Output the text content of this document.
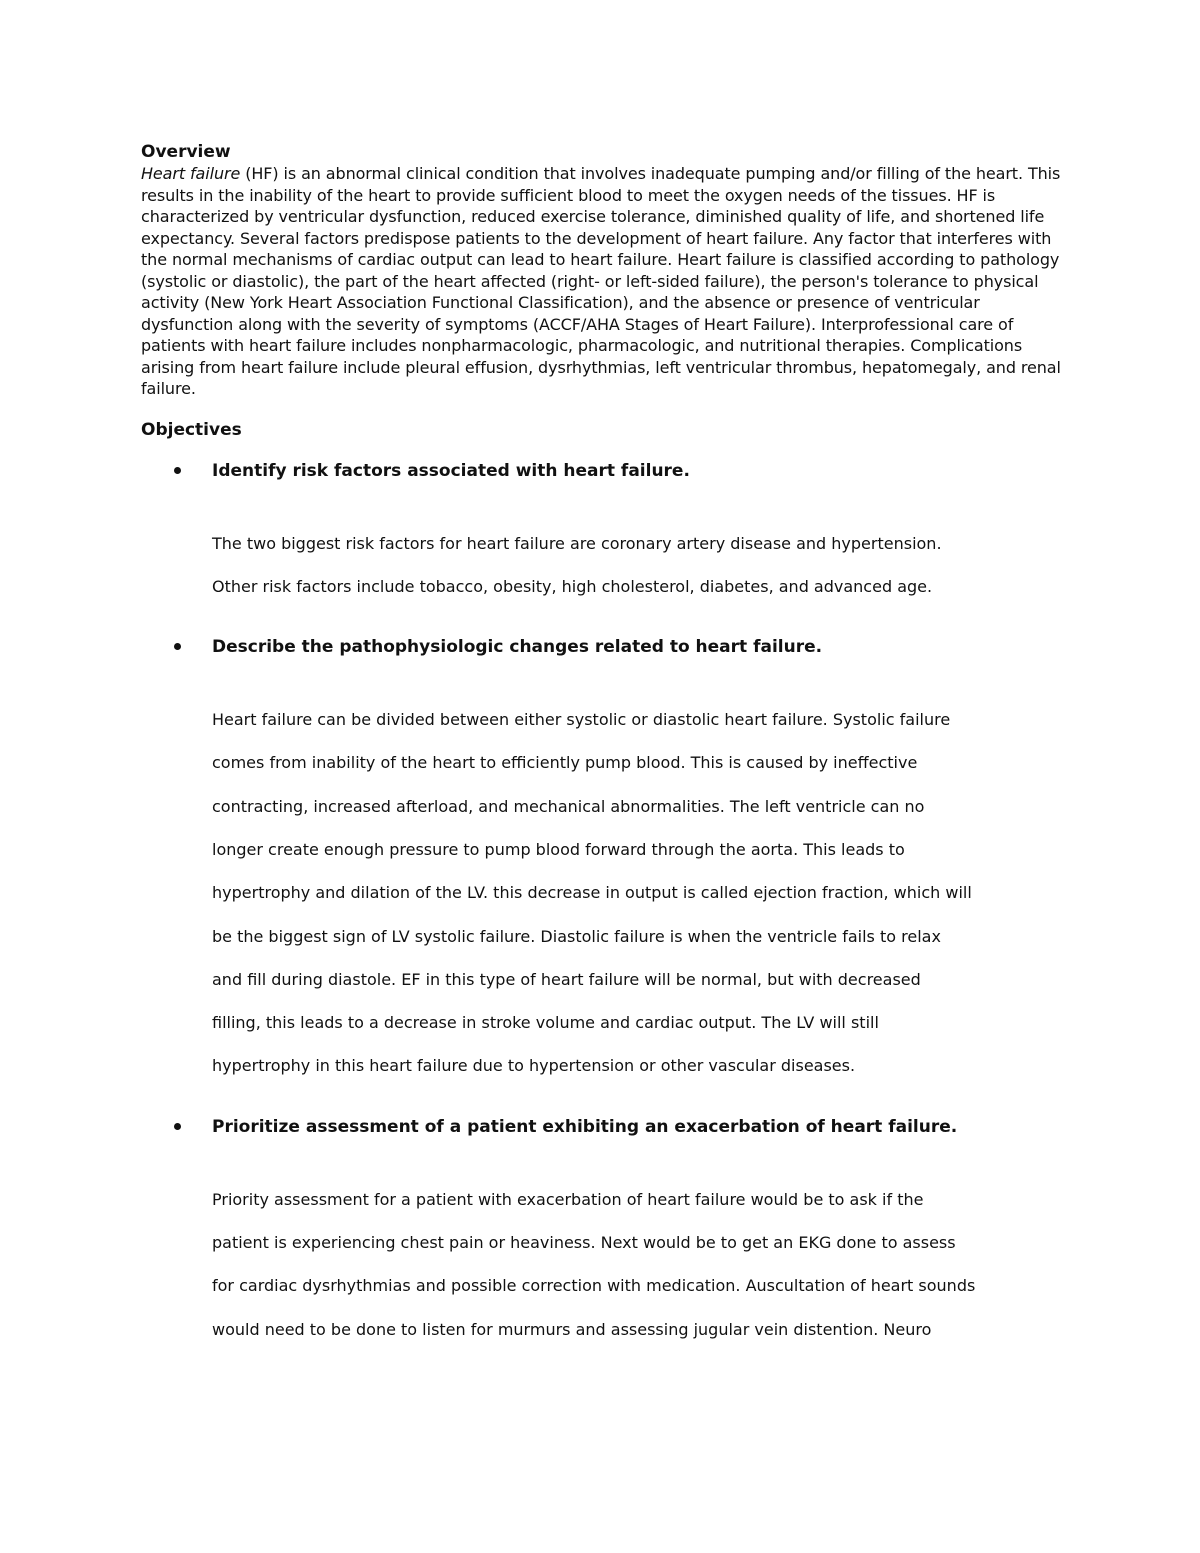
Overview

Heart failure (HF) is an abnormal clinical condition that involves inadequate pumping and/or filling of the heart. This results in the inability of the heart to provide sufficient blood to meet the oxygen needs of the tissues. HF is characterized by ventricular dysfunction, reduced exercise tolerance, diminished quality of life, and shortened life expectancy. Several factors predispose patients to the development of heart failure. Any factor that interferes with the normal mechanisms of cardiac output can lead to heart failure. Heart failure is classified according to pathology (systolic or diastolic), the part of the heart affected (right- or left-sided failure), the person's tolerance to physical activity (New York Heart Association Functional Classification), and the absence or presence of ventricular dysfunction along with the severity of symptoms (ACCF/AHA Stages of Heart Failure). Interprofessional care of patients with heart failure includes nonpharmacologic, pharmacologic, and nutritional therapies. Complications arising from heart failure include pleural effusion, dysrhythmias, left ventricular thrombus, hepatomegaly, and renal failure.

Objectives

Identify risk factors associated with heart failure.

The two biggest risk factors for heart failure are coronary artery disease and hypertension.
Other risk factors include tobacco, obesity, high cholesterol, diabetes, and advanced age.

Describe the pathophysiologic changes related to heart failure.

Heart failure can be divided between either systolic or diastolic heart failure. Systolic failure
comes from inability of the heart to efficiently pump blood. This is caused by ineffective
contracting, increased afterload, and mechanical abnormalities. The left ventricle can no
longer create enough pressure to pump blood forward through the aorta. This leads to
hypertrophy and dilation of the LV. this decrease in output is called ejection fraction, which will
be the biggest sign of LV systolic failure. Diastolic failure is when the ventricle fails to relax
and fill during diastole. EF in this type of heart failure will be normal, but with decreased
filling, this leads to a decrease in stroke volume and cardiac output. The LV will still
hypertrophy in this heart failure due to hypertension or other vascular diseases.

Prioritize assessment of a patient exhibiting an exacerbation of heart failure.

Priority assessment for a patient with exacerbation of heart failure would be to ask if the
patient is experiencing chest pain or heaviness. Next would be to get an EKG done to assess
for cardiac dysrhythmias and possible correction with medication. Auscultation of heart sounds
would need to be done to listen for murmurs and assessing jugular vein distention. Neuro
